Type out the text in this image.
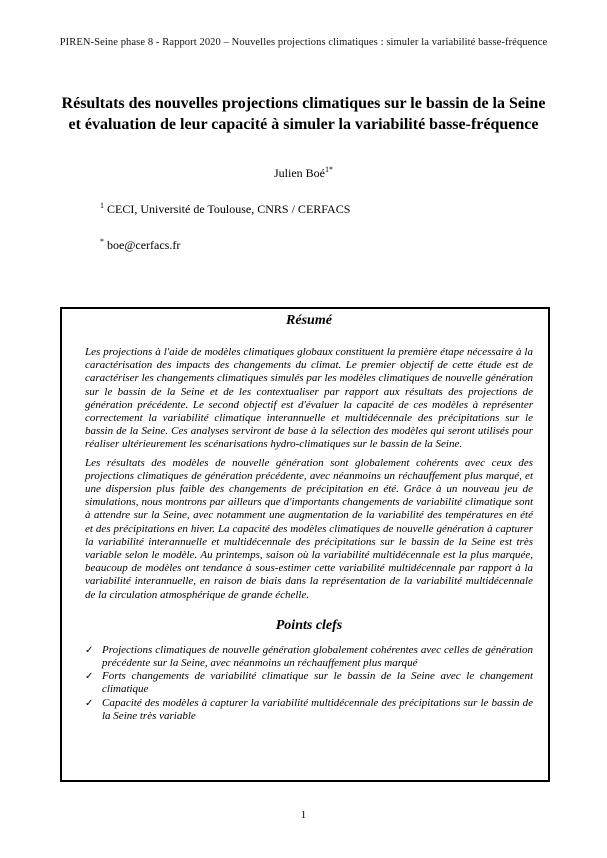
PIREN-Seine phase 8 - Rapport 2020 – Nouvelles projections climatiques : simuler la variabilité basse-fréquence
Résultats des nouvelles projections climatiques sur le bassin de la Seine et évaluation de leur capacité à simuler la variabilité basse-fréquence
Julien Boé$^{1*}$
$^1$ CECI, Université de Toulouse, CNRS / CERFACS
* boe@cerfacs.fr
Résumé

Les projections à l'aide de modèles climatiques globaux constituent la première étape nécessaire à la caractérisation des impacts des changements du climat. Le premier objectif de cette étude est de caractériser les changements climatiques simulés par les modèles climatiques de nouvelle génération sur le bassin de la Seine et de les contextualiser par rapport aux résultats des projections de génération précédente. Le second objectif est d'évaluer la capacité de ces modèles à représenter correctement la variabilité climatique interannuelle et multidécennale des précipitations sur le bassin de la Seine. Ces analyses serviront de base à la sélection des modèles qui seront utilisés pour réaliser ultérieurement les scénarisations hydro-climatiques sur le bassin de la Seine.

Les résultats des modèles de nouvelle génération sont globalement cohérents avec ceux des projections climatiques de génération précédente, avec néanmoins un réchauffement plus marqué, et une dispersion plus faible des changements de précipitation en été. Grâce à un nouveau jeu de simulations, nous montrons par ailleurs que d'importants changements de variabilité climatique sont à attendre sur la Seine, avec notamment une augmentation de la variabilité des températures en été et des précipitations en hiver. La capacité des modèles climatiques de nouvelle génération à capturer la variabilité interannuelle et multidécennale des précipitations sur le bassin de la Seine est très variable selon le modèle. Au printemps, saison où la variabilité multidécennale est la plus marquée, beaucoup de modèles ont tendance à sous-estimer cette variabilité multidécennale par rapport à la variabilité interannuelle, en raison de biais dans la représentation de la variabilité multidécennale de la circulation atmosphérique de grande échelle.

Points clefs
✓ Projections climatiques de nouvelle génération globalement cohérentes avec celles de génération précédente sur la Seine, avec néanmoins un réchauffement plus marqué
✓ Forts changements de variabilité climatique sur le bassin de la Seine avec le changement climatique
✓ Capacité des modèles à capturer la variabilité multidécennale des précipitations sur le bassin de la Seine très variable
1
